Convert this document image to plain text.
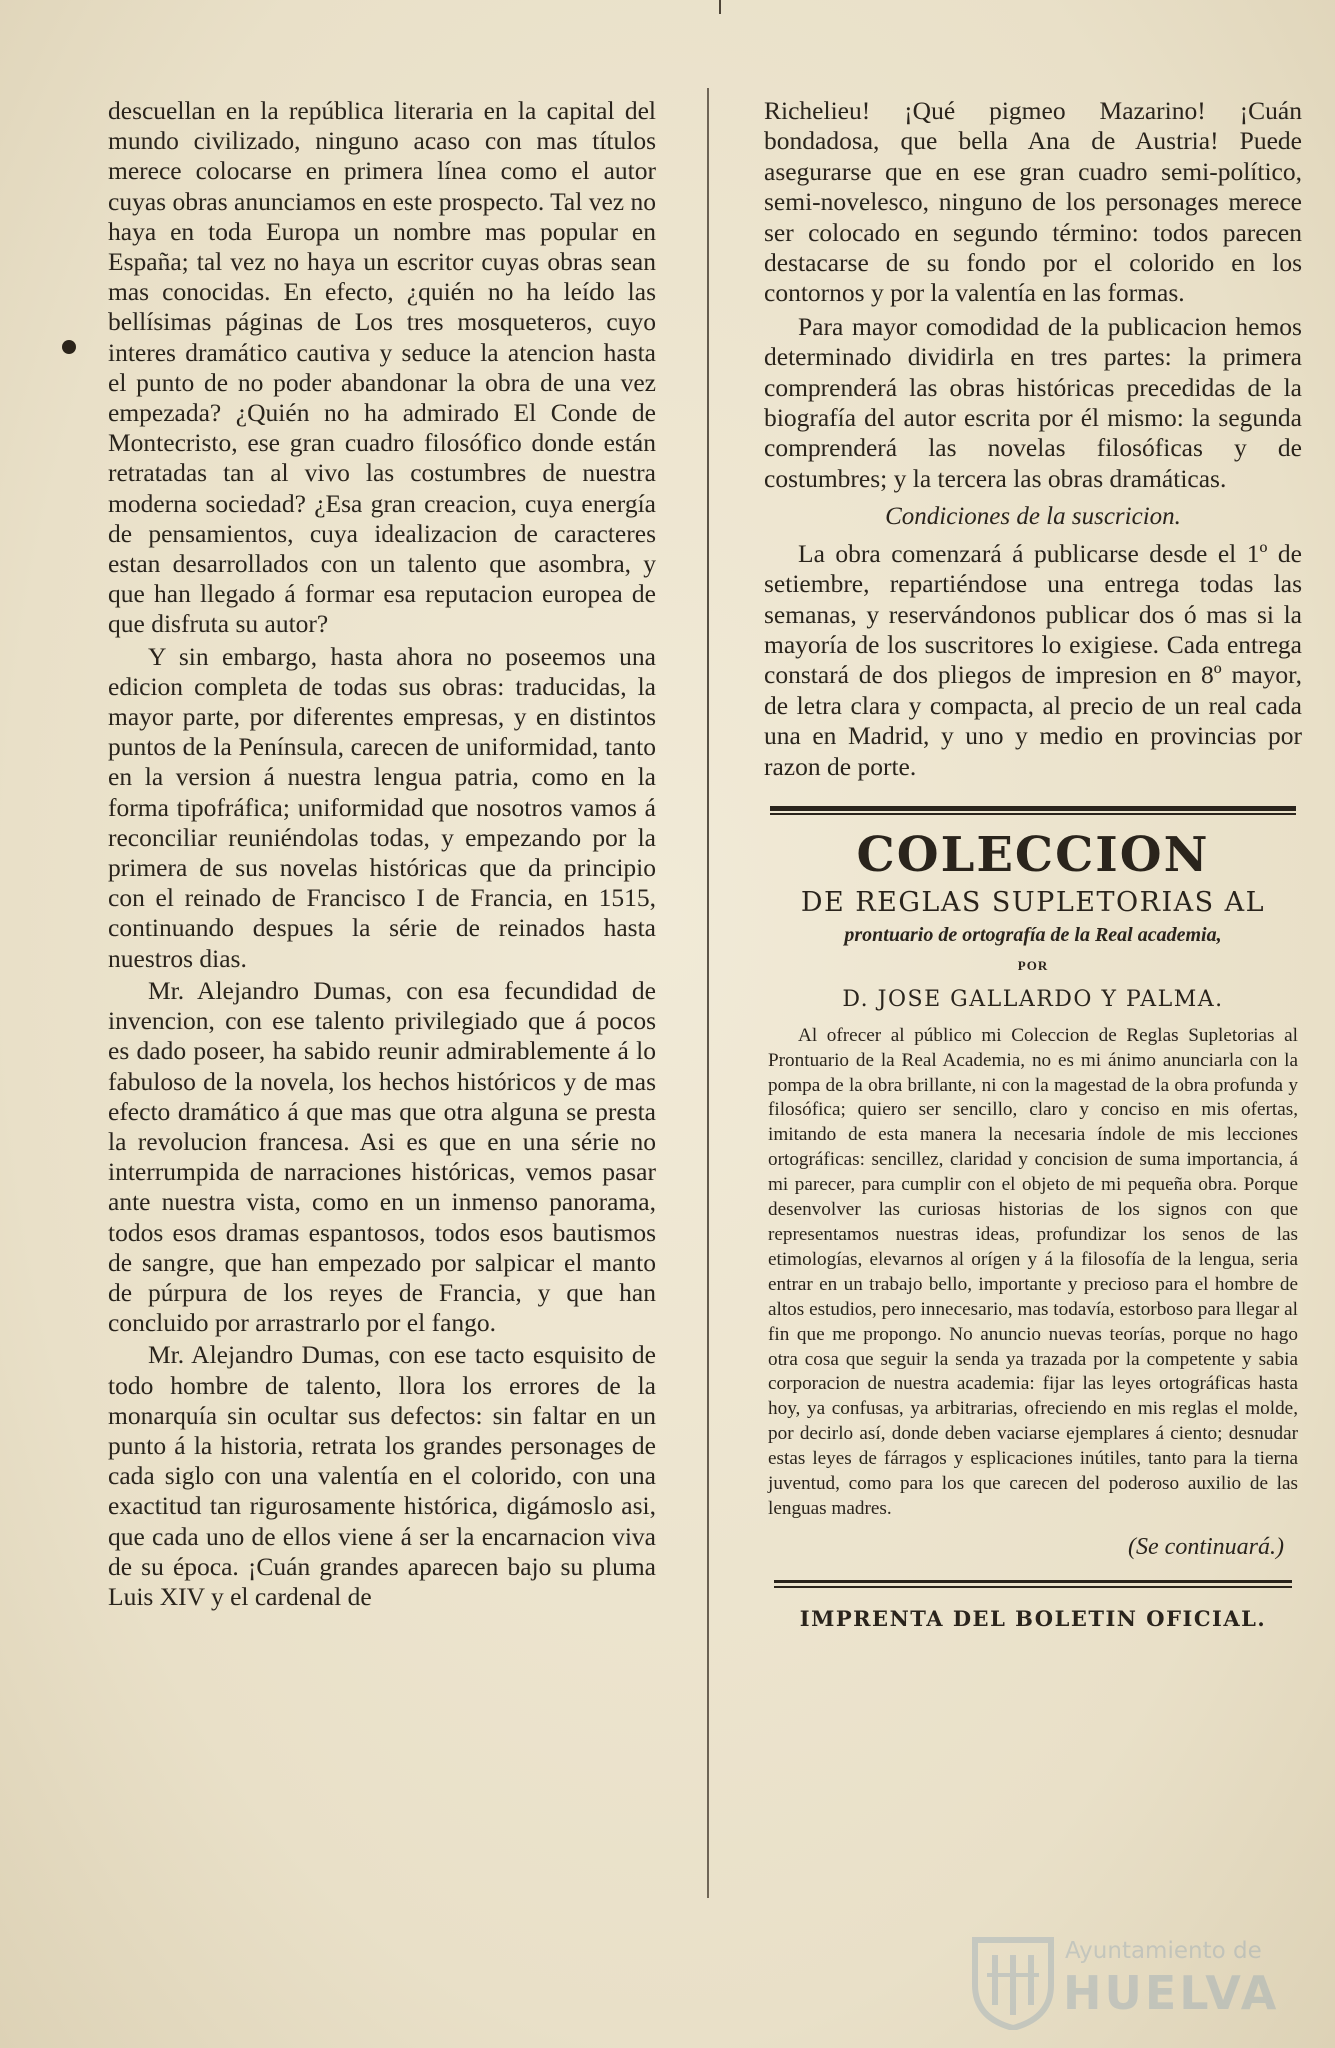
descuellan en la república literaria en la capital del mundo civilizado, ninguno acaso con mas títulos merece colocarse en primera línea como el autor cuyas obras anunciamos en este prospecto. Tal vez no haya en toda Europa un nombre mas popular en España; tal vez no haya un escritor cuyas obras sean mas conocidas. En efecto, ¿quién no ha leído las bellísimas páginas de Los tres mosqueteros, cuyo interes dramático cautiva y seduce la atencion hasta el punto de no poder abandonar la obra de una vez empezada? ¿Quién no ha admirado El Conde de Montecristo, ese gran cuadro filosófico donde están retratadas tan al vivo las costumbres de nuestra moderna sociedad? ¿Esa gran creacion, cuya energía de pensamientos, cuya idealizacion de caracteres estan desarrollados con un talento que asombra, y que han llegado á formar esa reputacion europea de que disfruta su autor?

Y sin embargo, hasta ahora no poseemos una edicion completa de todas sus obras: traducidas, la mayor parte, por diferentes empresas, y en distintos puntos de la Península, carecen de uniformidad, tanto en la version á nuestra lengua patria, como en la forma tipofráfica; uniformidad que nosotros vamos á reconciliar reuniéndolas todas, y empezando por la primera de sus novelas históricas que da principio con el reinado de Francisco I de Francia, en 1515, continuando despues la série de reinados hasta nuestros dias.

Mr. Alejandro Dumas, con esa fecundidad de invencion, con ese talento privilegiado que á pocos es dado poseer, ha sabido reunir admirablemente á lo fabuloso de la novela, los hechos históricos y de mas efecto dramático á que mas que otra alguna se presta la revolucion francesa. Asi es que en una série no interrumpida de narraciones históricas, vemos pasar ante nuestra vista, como en un inmenso panorama, todos esos dramas espantosos, todos esos bautismos de sangre, que han empezado por salpicar el manto de púrpura de los reyes de Francia, y que han concluido por arrastrarlo por el fango.

Mr. Alejandro Dumas, con ese tacto esquisito de todo hombre de talento, llora los errores de la monarquía sin ocultar sus defectos: sin faltar en un punto á la historia, retrata los grandes personages de cada siglo con una valentía en el colorido, con una exactitud tan rigurosamente histórica, digámoslo asi, que cada uno de ellos viene á ser la encarnacion viva de su época. ¡Cuán grandes aparecen bajo su pluma Luis XIV y el cardenal de

Richelieu! ¡Qué pigmeo Mazarino! ¡Cuán bondadosa, que bella Ana de Austria! Puede asegurarse que en ese gran cuadro semi-político, semi-novelesco, ninguno de los personages merece ser colocado en segundo término: todos parecen destacarse de su fondo por el colorido en los contornos y por la valentía en las formas.

Para mayor comodidad de la publicacion hemos determinado dividirla en tres partes: la primera comprenderá las obras históricas precedidas de la biografía del autor escrita por él mismo: la segunda comprenderá las novelas filosóficas y de costumbres; y la tercera las obras dramáticas.

Condiciones de la suscricion.

La obra comenzará á publicarse desde el 1º de setiembre, repartiéndose una entrega todas las semanas, y reservándonos publicar dos ó mas si la mayoría de los suscritores lo exigiese. Cada entrega constará de dos pliegos de impresion en 8º mayor, de letra clara y compacta, al precio de un real cada una en Madrid, y uno y medio en provincias por razon de porte.

COLECCION
DE REGLAS SUPLETORIAS AL
prontuario de ortografía de la Real academia,
POR
D. JOSE GALLARDO Y PALMA.

Al ofrecer al público mi Coleccion de Reglas Supletorias al Prontuario de la Real Academia, no es mi ánimo anunciarla con la pompa de la obra brillante, ni con la magestad de la obra profunda y filosófica; quiero ser sencillo, claro y conciso en mis ofertas, imitando de esta manera la necesaria índole de mis lecciones ortográficas: sencillez, claridad y concision de suma importancia, á mi parecer, para cumplir con el objeto de mi pequeña obra. Porque desenvolver las curiosas historias de los signos con que representamos nuestras ideas, profundizar los senos de las etimologías, elevarnos al orígen y á la filosofía de la lengua, seria entrar en un trabajo bello, importante y precioso para el hombre de altos estudios, pero innecesario, mas todavía, estorboso para llegar al fin que me propongo. No anuncio nuevas teorías, porque no hago otra cosa que seguir la senda ya trazada por la competente y sabia corporacion de nuestra academia: fijar las leyes ortográficas hasta hoy, ya confusas, ya arbitrarias, ofreciendo en mis reglas el molde, por decirlo así, donde deben vaciarse ejemplares á ciento; desnudar estas leyes de fárragos y esplicaciones inútiles, tanto para la tierna juventud, como para los que carecen del poderoso auxilio de las lenguas madres.

(Se continuará.)
IMPRENTA DEL BOLETIN OFICIAL.
Ayuntamiento de
HUELVA
